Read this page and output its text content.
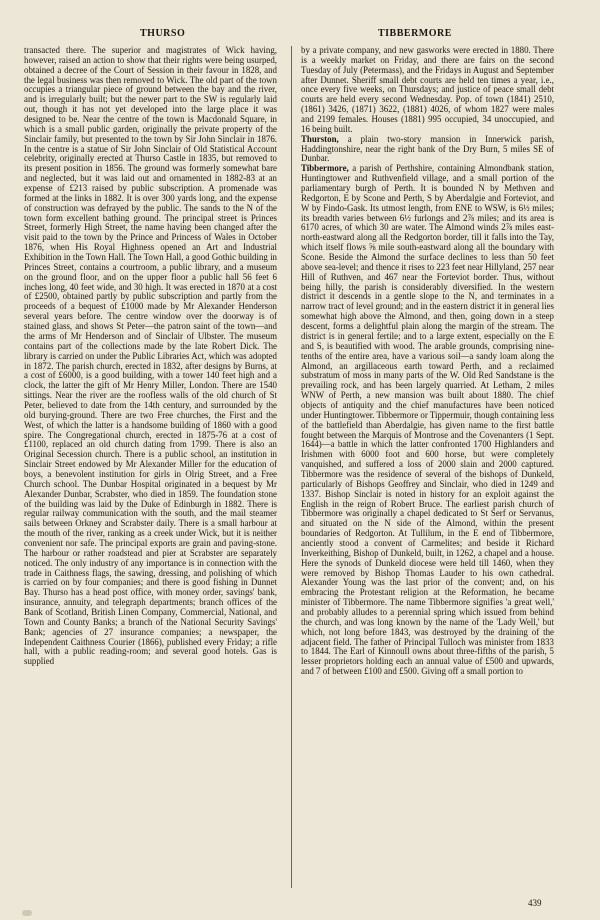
THURSO	TIBBERMORE

transacted there. The superior and magistrates of Wick having, however, raised an action to show that their rights were being usurped, obtained a decree of the Court of Session in their favour in 1828, and the legal business was then removed to Wick. The old part of the town occupies a triangular piece of ground between the bay and the river, and is irregularly built; but the newer part to the SW is regularly laid out, though it has not yet developed into the large place it was designed to be. Near the centre of the town is Macdonald Square, in which is a small public garden, originally the private property of the Sinclair family, but presented to the town by Sir John Sinclair in 1876. In the centre is a statue of Sir John Sinclair of Old Statistical Account celebrity, originally erected at Thurso Castle in 1835, but removed to its present position in 1856. The ground was formerly somewhat bare and neglected, but it was laid out and ornamented in 1882-83 at an expense of £213 raised by public subscription. A promenade was formed at the links in 1882. It is over 300 yards long, and the expense of construction was defrayed by the public. The sands to the N of the town form excellent bathing ground. The principal street is Princes Street, formerly High Street, the name having been changed after the visit paid to the town by the Prince and Princess of Wales in October 1876, when His Royal Highness opened an Art and Industrial Exhibition in the Town Hall. The Town Hall, a good Gothic building in Princes Street, contains a courtroom, a public library, and a museum on the ground floor, and on the upper floor a public hall 56 feet 6 inches long, 40 feet wide, and 30 high. It was erected in 1870 at a cost of £2500, obtained partly by public subscription and partly from the proceeds of a bequest of £1000 made by Mr Alexander Henderson several years before. The centre window over the doorway is of stained glass, and shows St Peter—the patron saint of the town—and the arms of Mr Henderson and of Sinclair of Ulbster. The museum contains part of the collections made by the late Robert Dick. The library is carried on under the Public Libraries Act, which was adopted in 1872. The parish church, erected in 1832, after designs by Burns, at a cost of £6000, is a good building, with a tower 140 feet high and a clock, the latter the gift of Mr Henry Miller, London. There are 1540 sittings. Near the river are the roofless walls of the old church of St Peter, believed to date from the 14th century, and surrounded by the old burying-ground. There are two Free churches, the First and the West, of which the latter is a handsome building of 1860 with a good spire. The Congregational church, erected in 1875-76 at a cost of £1100, replaced an old church dating from 1799. There is also an Original Secession church. There is a public school, an institution in Sinclair Street endowed by Mr Alexander Miller for the education of boys, a benevolent institution for girls in Olrig Street, and a Free Church school. The Dunbar Hospital originated in a bequest by Mr Alexander Dunbar, Scrabster, who died in 1859. The foundation stone of the building was laid by the Duke of Edinburgh in 1882. There is regular railway communication with the south, and the mail steamer sails between Orkney and Scrabster daily. There is a small harbour at the mouth of the river, ranking as a creek under Wick, but it is neither convenient nor safe. The principal exports are grain and paving-stone. The harbour or rather roadstead and pier at Scrabster are separately noticed. The only industry of any importance is in connection with the trade in Caithness flags, the sawing, dressing, and polishing of which is carried on by four companies; and there is good fishing in Dunnet Bay. Thurso has a head post office, with money order, savings' bank, insurance, annuity, and telegraph departments; branch offices of the Bank of Scotland, British Linen Company, Commercial, National, and Town and County Banks; a branch of the National Security Savings' Bank; agencies of 27 insurance companies; a newspaper, the Independent Caithness Courier (1866), published every Friday; a rifle hall, with a public reading-room; and several good hotels. Gas is supplied

by a private company, and new gasworks were erected in 1880. There is a weekly market on Friday, and there are fairs on the second Tuesday of July (Petermass), and the Fridays in August and September after Dunnet. Sheriff small debt courts are held ten times a year, i.e., once every five weeks, on Thursdays; and justice of peace small debt courts are held every second Wednesday. Pop. of town (1841) 2510, (1861) 3426, (1871) 3622, (1881) 4026, of whom 1827 were males and 2199 females. Houses (1881) 995 occupied, 34 unoccupied, and 16 being built.

Thurston, a plain two-story mansion in Innerwick parish, Haddingtonshire, near the right bank of the Dry Burn, 5 miles SE of Dunbar.

Tibbermore, a parish of Perthshire, containing Almondbank station, Huntingtower and Ruthvenfield village, and a small portion of the parliamentary burgh of Perth. It is bounded N by Methven and Redgorton, E by Scone and Perth, S by Aberdalgie and Forteviot, and W by Findo-Gask. Its utmost length, from ENE to WSW, is 6½ miles; its breadth varies between 6½ furlongs and 2⅞ miles; and its area is 6170 acres, of which 30 are water. The Almond winds 2⅞ miles east-north-eastward along all the Redgorton border, till it falls into the Tay, which itself flows ⅝ mile south-eastward along all the boundary with Scone. Beside the Almond the surface declines to less than 50 feet above sea-level; and thence it rises to 223 feet near Hillyland, 257 near Hill of Ruthven, and 467 near the Forteviot border. Thus, without being hilly, the parish is considerably diversified. In the western district it descends in a gentle slope to the N, and terminates in a narrow tract of level ground; and in the eastern district it in general lies somewhat high above the Almond, and then, going down in a steep descent, forms a delightful plain along the margin of the stream. The district is in general fertile; and to a large extent, especially on the E and S, is beautified with wood. The arable grounds, comprising nine-tenths of the entire area, have a various soil—a sandy loam along the Almond, an argillaceous earth toward Perth, and a reclaimed substratum of moss in many parts of the W. Old Red Sandstane is the prevailing rock, and has been largely quarried. At Letham, 2 miles WNW of Perth, a new mansion was built about 1880. The chief objects of antiquity and the chief manufactures have been noticed under Huntingtower. Tibbermore or Tippermuir, though containing less of the battlefield than Aberdalgie, has given name to the first battle fought between the Marquis of Montrose and the Covenanters (1 Sept. 1644)—a battle in which the latter confronted 1700 Highlanders and Irishmen with 6000 foot and 600 horse, but were completely vanquished, and suffered a loss of 2000 slain and 2000 captured. Tibbermore was the residence of several of the bishops of Dunkeld, particularly of Bishops Geoffrey and Sinclair, who died in 1249 and 1337. Bishop Sinclair is noted in history for an exploit against the English in the reign of Robert Bruce. The earliest parish church of Tibbermore was originally a chapel dedicated to St Serf or Servanus, and situated on the N side of the Almond, within the present boundaries of Redgorton. At Tullilum, in the E end of Tibbermore, anciently stood a convent of Carmelites; and beside it Richard Inverkeithing, Bishop of Dunkeld, built, in 1262, a chapel and a house. Here the synods of Dunkeld diocese were held till 1460, when they were removed by Bishop Thomas Lauder to his own cathedral. Alexander Young was the last prior of the convent; and, on his embracing the Protestant religion at the Reformation, he became minister of Tibbermore. The name Tibbermore signifies 'a great well,' and probably alludes to a perennial spring which issued from behind the church, and was long known by the name of the 'Lady Well,' but which, not long before 1843, was destroyed by the draining of the adjacent field. The father of Principal Tulloch was minister from 1833 to 1844. The Earl of Kinnoull owns about three-fifths of the parish, 5 lesser proprietors holding each an annual value of £500 and upwards, and 7 of between £100 and £500. Giving off a small portion to

439
